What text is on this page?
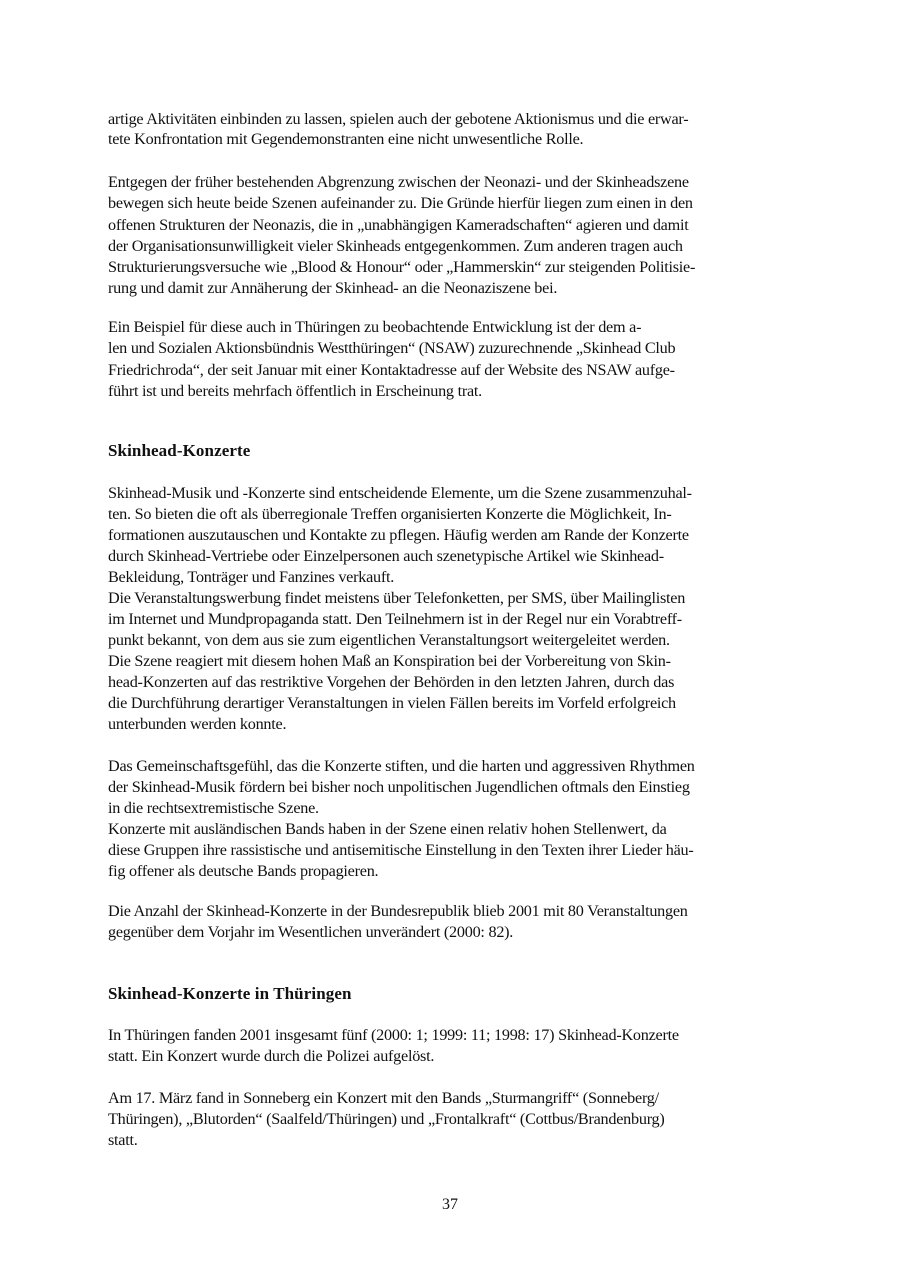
artige Aktivitäten einbinden zu lassen, spielen auch der gebotene Aktionismus und die erwar-
tete Konfrontation mit Gegendemonstranten eine nicht unwesentliche Rolle.
Entgegen der früher bestehenden Abgrenzung zwischen der Neonazi- und der Skinheadszene
bewegen sich heute beide Szenen aufeinander zu. Die Gründe hierfür liegen zum einen in den
offenen Strukturen der Neonazis, die in „unabhängigen Kameradschaften“ agieren und damit
der Organisationsunwilligkeit vieler Skinheads entgegenkommen. Zum anderen tragen auch
Strukturierungsversuche wie „Blood & Honour“ oder „Hammerskin“ zur steigenden Politisie-
rung und damit zur Annäherung der Skinhead- an die Neonaziszene bei.
Ein Beispiel für diese auch in Thüringen zu beobachtende Entwicklung ist der dem a-
len und Sozialen Aktionsbündnis Westthüringen“ (NSAW) zuzurechnende „Skinhead Club
Friedrichroda“, der seit Januar mit einer Kontaktadresse auf der Website des NSAW aufge-
führt ist und bereits mehrfach öffentlich in Erscheinung trat.
Skinhead-Konzerte
Skinhead-Musik und -Konzerte sind entscheidende Elemente, um die Szene zusammenzuhal-
ten. So bieten die oft als überregionale Treffen organisierten Konzerte die Möglichkeit, In-
formationen auszutauschen und Kontakte zu pflegen. Häufig werden am Rande der Konzerte
durch Skinhead-Vertriebe oder Einzelpersonen auch szenetypische Artikel wie Skinhead-
Bekleidung, Tonträger und Fanzines verkauft.
Die Veranstaltungswerbung findet meistens über Telefonketten, per SMS, über Mailinglisten
im Internet und Mundpropaganda statt. Den Teilnehmern ist in der Regel nur ein Vorabtreff-
punkt bekannt, von dem aus sie zum eigentlichen Veranstaltungsort weitergeleitet werden.
Die Szene reagiert mit diesem hohen Maß an Konspiration bei der Vorbereitung von Skin-
head-Konzerten auf das restriktive Vorgehen der Behörden in den letzten Jahren, durch das
die Durchführung derartiger Veranstaltungen in vielen Fällen bereits im Vorfeld erfolgreich
unterbunden werden konnte.
Das Gemeinschaftsgefühl, das die Konzerte stiften, und die harten und aggressiven Rhythmen
der Skinhead-Musik fördern bei bisher noch unpolitischen Jugendlichen oftmals den Einstieg
in die rechtsextremistische Szene.
Konzerte mit ausländischen Bands haben in der Szene einen relativ hohen Stellenwert, da
diese Gruppen ihre rassistische und antisemitische Einstellung in den Texten ihrer Lieder häu-
fig offener als deutsche Bands propagieren.
Die Anzahl der Skinhead-Konzerte in der Bundesrepublik blieb 2001 mit 80 Veranstaltungen
gegenüber dem Vorjahr im Wesentlichen unverändert (2000: 82).
Skinhead-Konzerte in Thüringen
In Thüringen fanden 2001 insgesamt fünf (2000: 1; 1999: 11; 1998: 17) Skinhead-Konzerte
statt. Ein Konzert wurde durch die Polizei aufgelöst.
Am 17. März fand in Sonneberg ein Konzert mit den Bands „Sturmangriff“ (Sonneberg/
Thüringen), „Blutorden“ (Saalfeld/Thüringen) und „Frontalkraft“ (Cottbus/Brandenburg)
statt.
37
